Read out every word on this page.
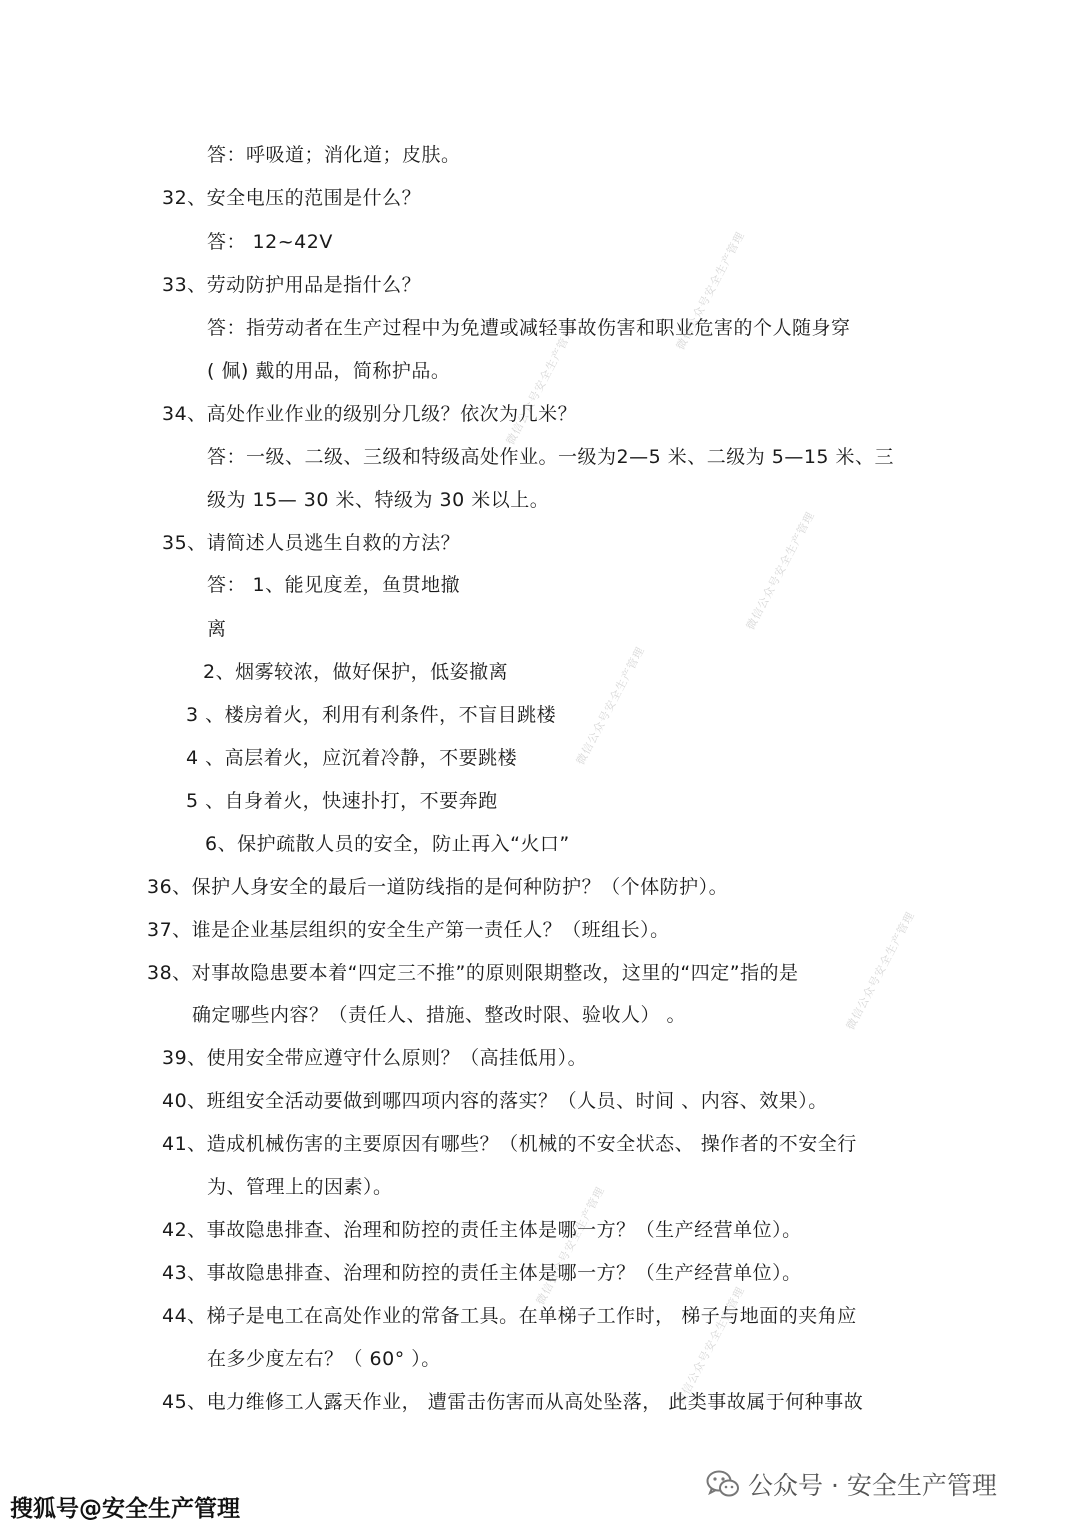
微信公众号安全生产管理
微信公众号安全生产管理
微信公众号安全生产管理
微信公众号安全生产管理
微信公众号安全生产管理
微信公众号安全生产管理
微信公众号安全生产管理
答：呼吸道；消化道；皮肤。
32、安全电压的范围是什么？
答： 12~42V
33、劳动防护用品是指什么？
答：指劳动者在生产过程中为免遭或减轻事故伤害和职业危害的个人随身穿
( 佩) 戴的用品，简称护品。
34、高处作业作业的级别分几级？依次为几米？
答：一级、二级、三级和特级高处作业。一级为2—5 米、二级为 5—15 米、三
级为 15— 30 米、特级为 30 米以上。
35、请简述人员逃生自救的方法？
答： 1、能见度差，鱼贯地撤
离
2、烟雾较浓，做好保护，低姿撤离
3 、楼房着火，利用有利条件，不盲目跳楼
4 、高层着火，应沉着冷静，不要跳楼
5 、自身着火，快速扑打，不要奔跑
6、保护疏散人员的安全，防止再入“火口”
36、保护人身安全的最后一道防线指的是何种防护？（个体防护）。
37、谁是企业基层组织的安全生产第一责任人？（班组长）。
38、对事故隐患要本着“四定三不推”的原则限期整改，这里的“四定”指的是
确定哪些内容？（责任人、措施、整改时限、验收人） 。
39、使用安全带应遵守什么原则？（高挂低用）。
40、班组安全活动要做到哪四项内容的落实？（人员、时间 、内容、效果）。
41、造成机械伤害的主要原因有哪些？（机械的不安全状态、 操作者的不安全行
为、管理上的因素）。
42、事故隐患排查、治理和防控的责任主体是哪一方？（生产经营单位）。
43、事故隐患排查、治理和防控的责任主体是哪一方？（生产经营单位）。
44、梯子是电工在高处作业的常备工具。在单梯子工作时， 梯子与地面的夹角应
在多少度左右？（ 60° ）。
45、电力维修工人露天作业， 遭雷击伤害而从高处坠落， 此类事故属于何种事故
公众号 · 安全生产管理
搜狐号@安全生产管理
